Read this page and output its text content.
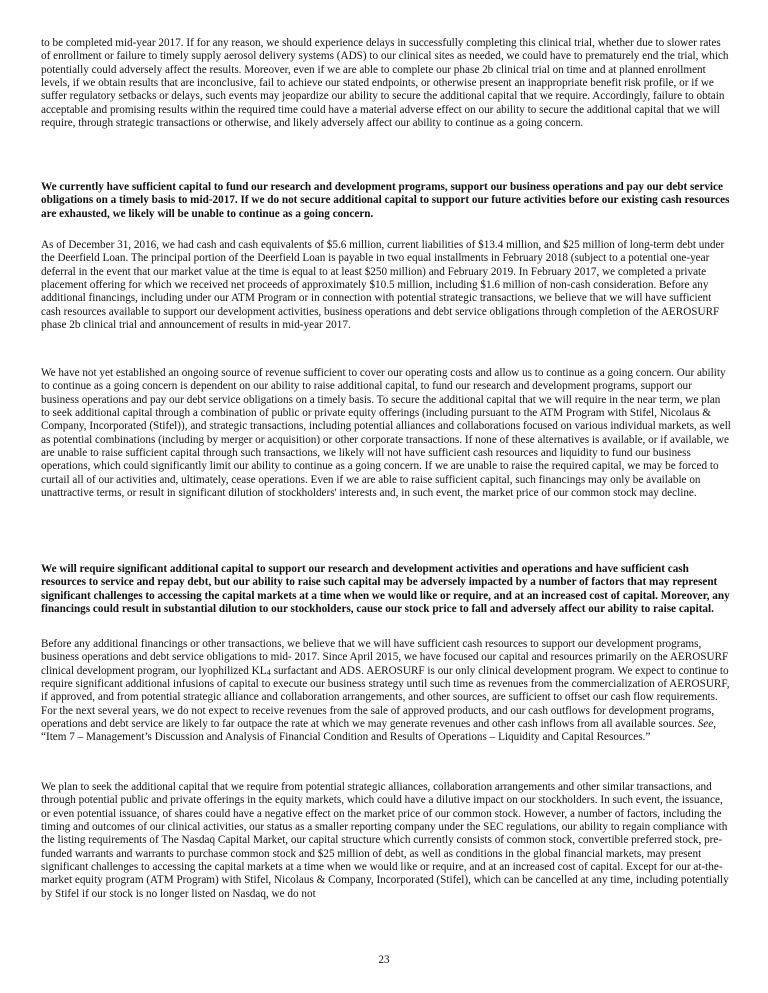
to be completed mid-year 2017. If for any reason, we should experience delays in successfully completing this clinical trial, whether due to slower rates of enrollment or failure to timely supply aerosol delivery systems (ADS) to our clinical sites as needed, we could have to prematurely end the trial, which potentially could adversely affect the results. Moreover, even if we are able to complete our phase 2b clinical trial on time and at planned enrollment levels, if we obtain results that are inconclusive, fail to achieve our stated endpoints, or otherwise present an inappropriate benefit risk profile, or if we suffer regulatory setbacks or delays, such events may jeopardize our ability to secure the additional capital that we require. Accordingly, failure to obtain acceptable and promising results within the required time could have a material adverse effect on our ability to secure the additional capital that we will require, through strategic transactions or otherwise, and likely adversely affect our ability to continue as a going concern.

We currently have sufficient capital to fund our research and development programs, support our business operations and pay our debt service obligations on a timely basis to mid-2017. If we do not secure additional capital to support our future activities before our existing cash resources are exhausted, we likely will be unable to continue as a going concern.

As of December 31, 2016, we had cash and cash equivalents of $5.6 million, current liabilities of $13.4 million, and $25 million of long-term debt under the Deerfield Loan. The principal portion of the Deerfield Loan is payable in two equal installments in February 2018 (subject to a potential one-year deferral in the event that our market value at the time is equal to at least $250 million) and February 2019. In February 2017, we completed a private placement offering for which we received net proceeds of approximately $10.5 million, including $1.6 million of non-cash consideration. Before any additional financings, including under our ATM Program or in connection with potential strategic transactions, we believe that we will have sufficient cash resources available to support our development activities, business operations and debt service obligations through completion of the AEROSURF phase 2b clinical trial and announcement of results in mid-year 2017.

We have not yet established an ongoing source of revenue sufficient to cover our operating costs and allow us to continue as a going concern. Our ability to continue as a going concern is dependent on our ability to raise additional capital, to fund our research and development programs, support our business operations and pay our debt service obligations on a timely basis. To secure the additional capital that we will require in the near term, we plan to seek additional capital through a combination of public or private equity offerings (including pursuant to the ATM Program with Stifel, Nicolaus & Company, Incorporated (Stifel)), and strategic transactions, including potential alliances and collaborations focused on various individual markets, as well as potential combinations (including by merger or acquisition) or other corporate transactions. If none of these alternatives is available, or if available, we are unable to raise sufficient capital through such transactions, we likely will not have sufficient cash resources and liquidity to fund our business operations, which could significantly limit our ability to continue as a going concern. If we are unable to raise the required capital, we may be forced to curtail all of our activities and, ultimately, cease operations. Even if we are able to raise sufficient capital, such financings may only be available on unattractive terms, or result in significant dilution of stockholders' interests and, in such event, the market price of our common stock may decline.

We will require significant additional capital to support our research and development activities and operations and have sufficient cash resources to service and repay debt, but our ability to raise such capital may be adversely impacted by a number of factors that may represent significant challenges to accessing the capital markets at a time when we would like or require, and at an increased cost of capital. Moreover, any financings could result in substantial dilution to our stockholders, cause our stock price to fall and adversely affect our ability to raise capital.

Before any additional financings or other transactions, we believe that we will have sufficient cash resources to support our development programs, business operations and debt service obligations to mid- 2017. Since April 2015, we have focused our capital and resources primarily on the AEROSURF clinical development program, our lyophilized KL4 surfactant and ADS. AEROSURF is our only clinical development program. We expect to continue to require significant additional infusions of capital to execute our business strategy until such time as revenues from the commercialization of AEROSURF, if approved, and from potential strategic alliance and collaboration arrangements, and other sources, are sufficient to offset our cash flow requirements. For the next several years, we do not expect to receive revenues from the sale of approved products, and our cash outflows for development programs, operations and debt service are likely to far outpace the rate at which we may generate revenues and other cash inflows from all available sources. See, “Item 7 – Management’s Discussion and Analysis of Financial Condition and Results of Operations – Liquidity and Capital Resources.”

We plan to seek the additional capital that we require from potential strategic alliances, collaboration arrangements and other similar transactions, and through potential public and private offerings in the equity markets, which could have a dilutive impact on our stockholders. In such event, the issuance, or even potential issuance, of shares could have a negative effect on the market price of our common stock. However, a number of factors, including the timing and outcomes of our clinical activities, our status as a smaller reporting company under the SEC regulations, our ability to regain compliance with the listing requirements of The Nasdaq Capital Market, our capital structure which currently consists of common stock, convertible preferred stock, pre-funded warrants and warrants to purchase common stock and $25 million of debt, as well as conditions in the global financial markets, may present significant challenges to accessing the capital markets at a time when we would like or require, and at an increased cost of capital. Except for our at-the-market equity program (ATM Program) with Stifel, Nicolaus & Company, Incorporated (Stifel), which can be cancelled at any time, including potentially by Stifel if our stock is no longer listed on Nasdaq, we do not

23
